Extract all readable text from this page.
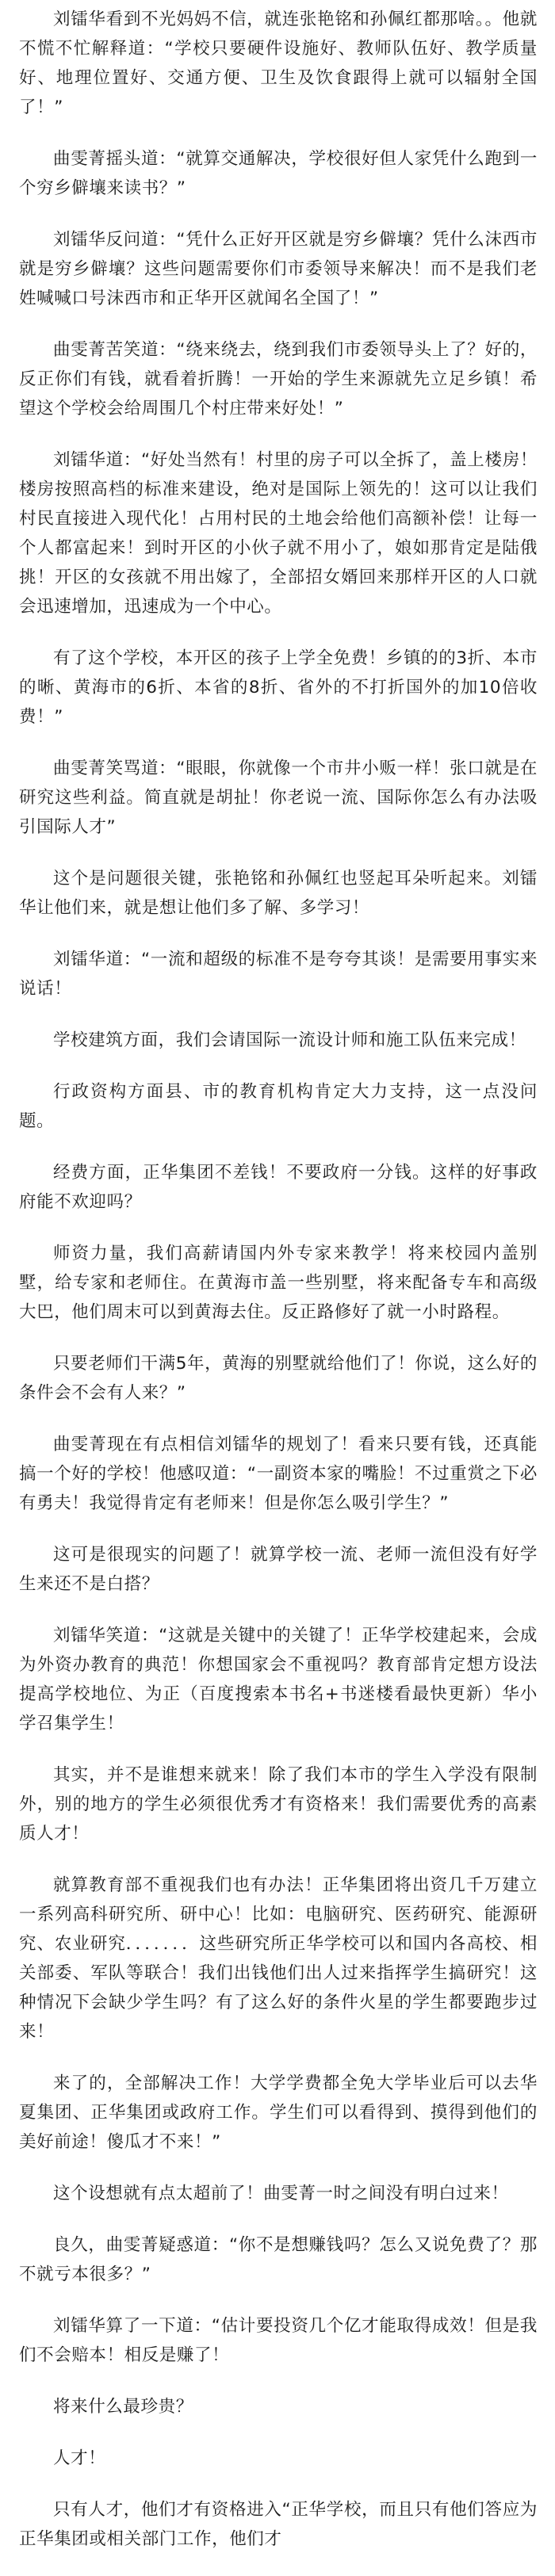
刘镭华看到不光妈妈不信，就连张艳铭和孙佩红都那啥。。他就不慌不忙解释道：“学校只要硬件设施好、教师队伍好、教学质量好、地理位置好、交通方便、卫生及饮食跟得上就可以辐射全国了！”

曲雯菁摇头道：“就算交通解决，学校很好但人家凭什么跑到一个穷乡僻壤来读书？”

刘镭华反问道：“凭什么正好开区就是穷乡僻壤？凭什么沫西市就是穷乡僻壤？这些问题需要你们市委领导来解决！而不是我们老姓喊喊口号沫西市和正华开区就闻名全国了！”

曲雯菁苦笑道：“绕来绕去，绕到我们市委领导头上了？好的，反正你们有钱，就看着折腾！一开始的学生来源就先立足乡镇！希望这个学校会给周围几个村庄带来好处！”

刘镭华道：“好处当然有！村里的房子可以全拆了，盖上楼房！楼房按照高档的标准来建设，绝对是国际上领先的！这可以让我们村民直接进入现代化！占用村民的土地会给他们高额补偿！让每一个人都富起来！到时开区的小伙子就不用小了，娘如那肯定是陆俄挑！开区的女孩就不用出嫁了，全部招女婿回来那样开区的人口就会迅速增加，迅速成为一个中心。

有了这个学校，本开区的孩子上学全免费！乡镇的的3折、本市的晰、黄海市的6折、本省的8折、省外的不打折国外的加10倍收费！”

曲雯菁笑骂道：“眼眼，你就像一个市井小贩一样！张口就是在研究这些利益。简直就是胡扯！你老说一流、国际你怎么有办法吸引国际人才”

这个是问题很关键，张艳铭和孙佩红也竖起耳朵听起来。刘镭华让他们来，就是想让他们多了解、多学习！

刘镭华道：“一流和超级的标准不是夸夸其谈！是需要用事实来说话！

学校建筑方面，我们会请国际一流设计师和施工队伍来完成！

行政资构方面县、市的教育机构肯定大力支持，这一点没问题。

经费方面，正华集团不差钱！不要政府一分钱。这样的好事政府能不欢迎吗？

师资力量，我们高薪请国内外专家来教学！将来校园内盖别墅，给专家和老师住。在黄海市盖一些别墅，将来配备专车和高级大巴，他们周末可以到黄海去住。反正路修好了就一小时路程。

只要老师们干满5年，黄海的别墅就给他们了！你说，这么好的条件会不会有人来？”

曲雯菁现在有点相信刘镭华的规划了！看来只要有钱，还真能搞一个好的学校！他感叹道：“一副资本家的嘴脸！不过重赏之下必有勇夫！我觉得肯定有老师来！但是你怎么吸引学生？”

这可是很现实的问题了！就算学校一流、老师一流但没有好学生来还不是白搭？

刘镭华笑道：“这就是关键中的关键了！正华学校建起来，会成为外资办教育的典范！你想国家会不重视吗？教育部肯定想方设法提高学校地位、为正（百度搜索本书名+书迷楼看最快更新）华小学召集学生！

其实，并不是谁想来就来！除了我们本市的学生入学没有限制外，别的地方的学生必须很优秀才有资格来！我们需要优秀的高素质人才！

就算教育部不重视我们也有办法！正华集团将出资几千万建立一系列高科研究所、研中心！比如：电脑研究、医药研究、能源研究、农业研究．．．．．．．这些研究所正华学校可以和国内各高校、相关部委、军队等联合！我们出钱他们出人过来指挥学生搞研究！这种情况下会缺少学生吗？有了这么好的条件火星的学生都要跑步过来！

来了的，全部解决工作！大学学费都全免大学毕业后可以去华夏集团、正华集团或政府工作。学生们可以看得到、摸得到他们的美好前途！傻瓜才不来！”

这个设想就有点太超前了！曲雯菁一时之间没有明白过来！

良久，曲雯菁疑惑道：“你不是想赚钱吗？怎么又说免费了？那不就亏本很多？”

刘镭华算了一下道：“估计要投资几个亿才能取得成效！但是我们不会赔本！相反是赚了！

将来什么最珍贵？

人才！

只有人才，他们才有资格进入“正华学校，而且只有他们答应为正华集团或相关部门工作，他们才
